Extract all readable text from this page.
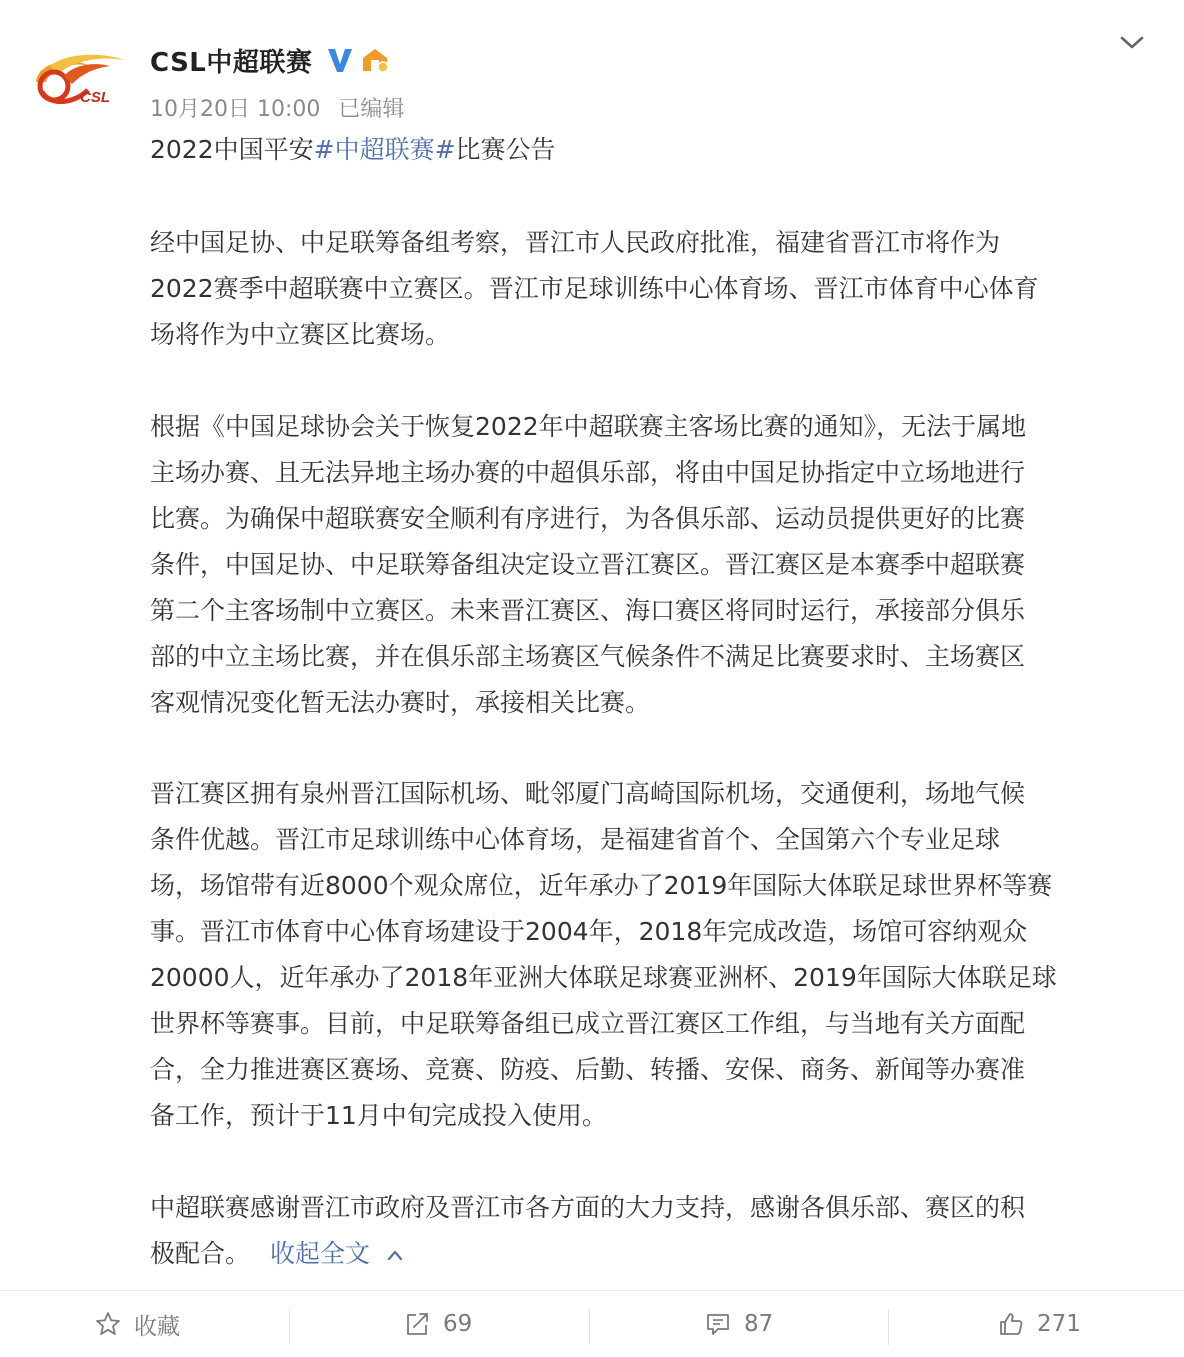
CSL
CSL中超联赛
10月20日 10:00 已编辑
2022中国平安#中超联赛#比赛公告
经中国足协、中足联筹备组考察，晋江市人民政府批准，福建省晋江市将作为
2022赛季中超联赛中立赛区。晋江市足球训练中心体育场、晋江市体育中心体育
场将作为中立赛区比赛场。
根据《中国足球协会关于恢复2022年中超联赛主客场比赛的通知》，无法于属地
主场办赛、且无法异地主场办赛的中超俱乐部，将由中国足协指定中立场地进行
比赛。为确保中超联赛安全顺利有序进行，为各俱乐部、运动员提供更好的比赛
条件，中国足协、中足联筹备组决定设立晋江赛区。晋江赛区是本赛季中超联赛
第二个主客场制中立赛区。未来晋江赛区、海口赛区将同时运行，承接部分俱乐
部的中立主场比赛，并在俱乐部主场赛区气候条件不满足比赛要求时、主场赛区
客观情况变化暂无法办赛时，承接相关比赛。
晋江赛区拥有泉州晋江国际机场、毗邻厦门高崎国际机场，交通便利，场地气候
条件优越。晋江市足球训练中心体育场，是福建省首个、全国第六个专业足球
场，场馆带有近8000个观众席位，近年承办了2019年国际大体联足球世界杯等赛
事。晋江市体育中心体育场建设于2004年，2018年完成改造，场馆可容纳观众
20000人，近年承办了2018年亚洲大体联足球赛亚洲杯、2019年国际大体联足球
世界杯等赛事。目前，中足联筹备组已成立晋江赛区工作组，与当地有关方面配
合，全力推进赛区赛场、竞赛、防疫、后勤、转播、安保、商务、新闻等办赛准
备工作，预计于11月中旬完成投入使用。
中超联赛感谢晋江市政府及晋江市各方面的大力支持，感谢各俱乐部、赛区的积
极配合。 收起全文
收藏	69	87	271
